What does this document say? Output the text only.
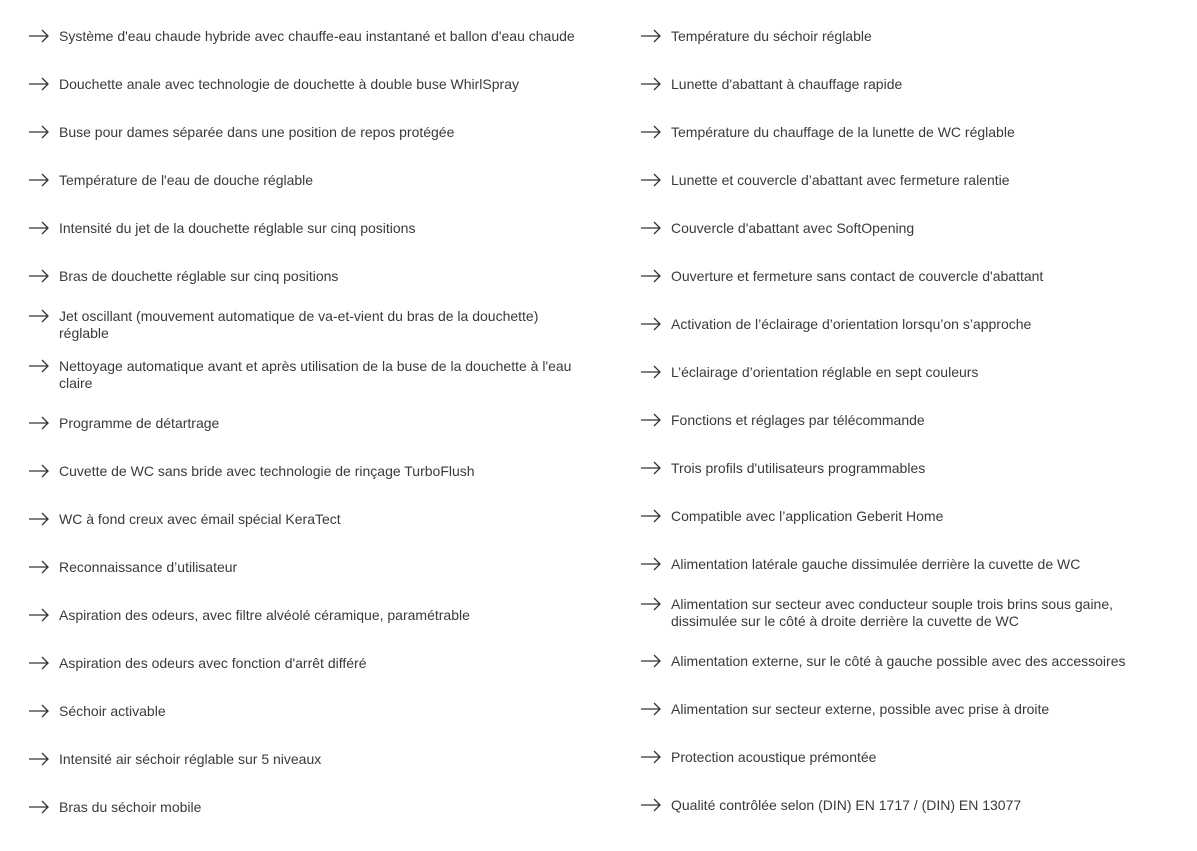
Système d'eau chaude hybride avec chauffe-eau instantané et ballon d'eau chaude
Douchette anale avec technologie de douchette à double buse WhirlSpray
Buse pour dames séparée dans une position de repos protégée
Température de l'eau de douche réglable
Intensité du jet de la douchette réglable sur cinq positions
Bras de douchette réglable sur cinq positions
Jet oscillant (mouvement automatique de va-et-vient du bras de la douchette) réglable
Nettoyage automatique avant et après utilisation de la buse de la douchette à l'eau claire
Programme de détartrage
Cuvette de WC sans bride avec technologie de rinçage TurboFlush
WC à fond creux avec émail spécial KeraTect
Reconnaissance d’utilisateur
Aspiration des odeurs, avec filtre alvéolé céramique, paramétrable
Aspiration des odeurs avec fonction d'arrêt différé
Séchoir activable
Intensité air séchoir réglable sur 5 niveaux
Bras du séchoir mobile
Température du séchoir réglable
Lunette d'abattant à chauffage rapide
Température du chauffage de la lunette de WC réglable
Lunette et couvercle d’abattant avec fermeture ralentie
Couvercle d'abattant avec SoftOpening
Ouverture et fermeture sans contact de couvercle d'abattant
Activation de l’éclairage d’orientation lorsqu’on s’approche
L’éclairage d’orientation réglable en sept couleurs
Fonctions et réglages par télécommande
Trois profils d'utilisateurs programmables
Compatible avec l’application Geberit Home
Alimentation latérale gauche dissimulée derrière la cuvette de WC
Alimentation sur secteur avec conducteur souple trois brins sous gaine, dissimulée sur le côté à droite derrière la cuvette de WC
Alimentation externe, sur le côté à gauche possible avec des accessoires
Alimentation sur secteur externe, possible avec prise à droite
Protection acoustique prémontée
Qualité contrôlée selon (DIN) EN 1717 / (DIN) EN 13077
